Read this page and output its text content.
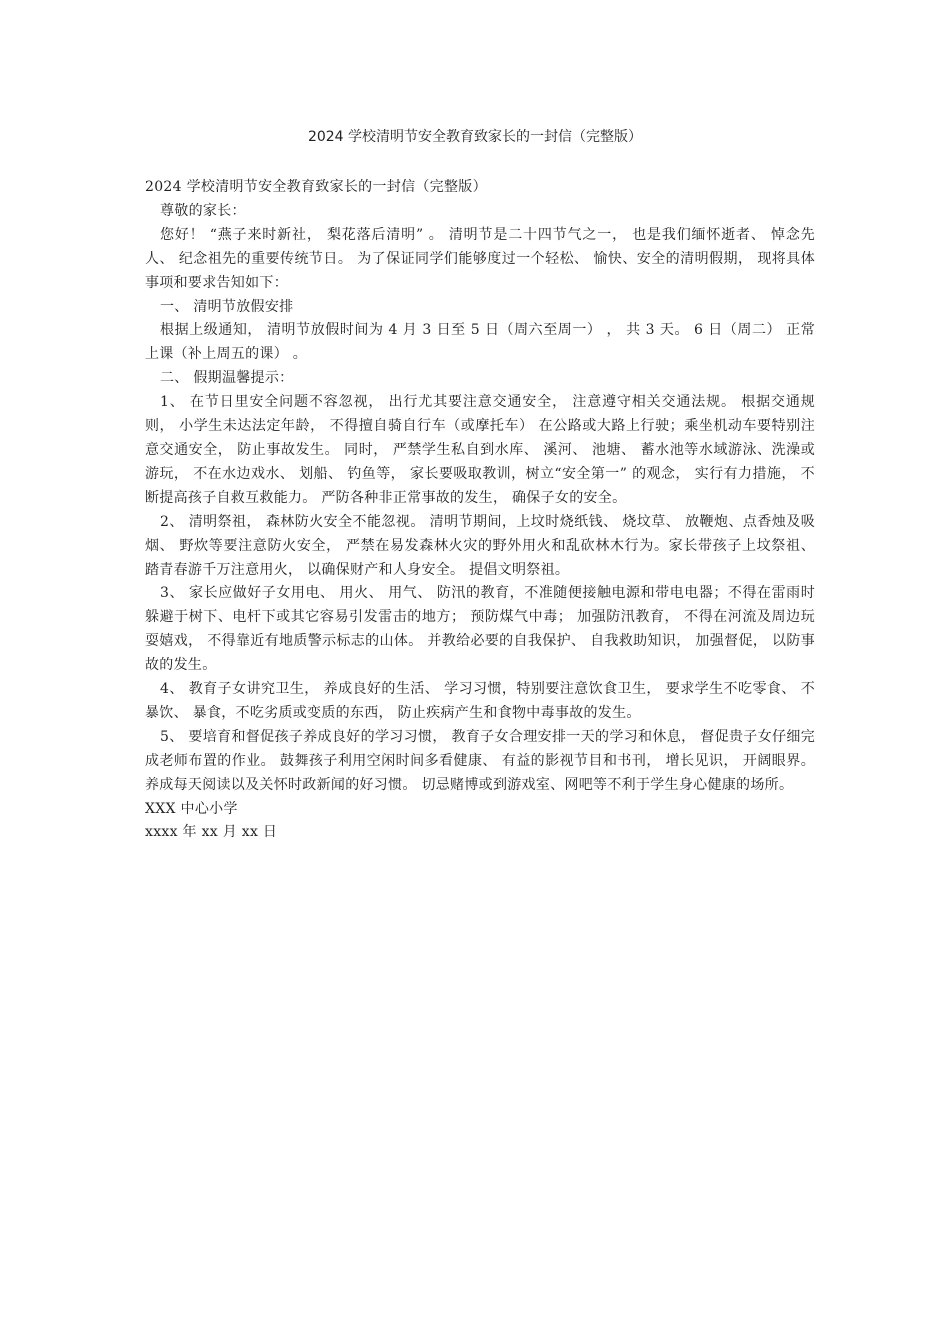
2024 学校清明节安全教育致家长的一封信（完整版）

2024 学校清明节安全教育致家长的一封信（完整版）

尊敬的家长：

您好！ “燕子来时新社， 梨花落后清明” 。 清明节是二十四节气之一， 也是我们缅怀逝者、 悼念先人、 纪念祖先的重要传统节日。 为了保证同学们能够度过一个轻松、 愉快、安全的清明假期， 现将具体事项和要求告知如下：

一、 清明节放假安排

根据上级通知， 清明节放假时间为 4 月 3 日至 5 日（周六至周一） ， 共 3 天。 6 日（周二） 正常上课（补上周五的课） 。

二、 假期温馨提示：

1、 在节日里安全问题不容忽视， 出行尤其要注意交通安全， 注意遵守相关交通法规。 根据交通规则， 小学生未达法定年龄， 不得擅自骑自行车（或摩托车） 在公路或大路上行驶；乘坐机动车要特别注意交通安全， 防止事故发生。 同时， 严禁学生私自到水库、 溪河、 池塘、 蓄水池等水域游泳、洗澡或游玩， 不在水边戏水、 划船、 钓鱼等， 家长要吸取教训，树立“安全第一” 的观念， 实行有力措施， 不断提高孩子自救互救能力。 严防各种非正常事故的发生， 确保子女的安全。

2、 清明祭祖， 森林防火安全不能忽视。 清明节期间，上坟时烧纸钱、 烧坟草、 放鞭炮、点香烛及吸烟、 野炊等要注意防火安全， 严禁在易发森林火灾的野外用火和乱砍林木行为。家长带孩子上坟祭祖、 踏青春游千万注意用火， 以确保财产和人身安全。 提倡文明祭祖。

3、 家长应做好子女用电、 用火、 用气、 防汛的教育，不准随便接触电源和带电电器；不得在雷雨时躲避于树下、电杆下或其它容易引发雷击的地方； 预防煤气中毒； 加强防汛教育， 不得在河流及周边玩耍嬉戏， 不得靠近有地质警示标志的山体。 并教给必要的自我保护、 自我救助知识， 加强督促， 以防事故的发生。

4、 教育子女讲究卫生， 养成良好的生活、 学习习惯，特别要注意饮食卫生， 要求学生不吃零食、 不暴饮、 暴食，不吃劣质或变质的东西， 防止疾病产生和食物中毒事故的发生。

5、 要培育和督促孩子养成良好的学习习惯， 教育子女合理安排一天的学习和休息， 督促贵子女仔细完成老师布置的作业。 鼓舞孩子利用空闲时间多看健康、 有益的影视节目和书刊， 增长见识， 开阔眼界。 养成每天阅读以及关怀时政新闻的好习惯。 切忌赌博或到游戏室、网吧等不利于学生身心健康的场所。

XXX 中心小学

xxxx 年 xx 月 xx 日
